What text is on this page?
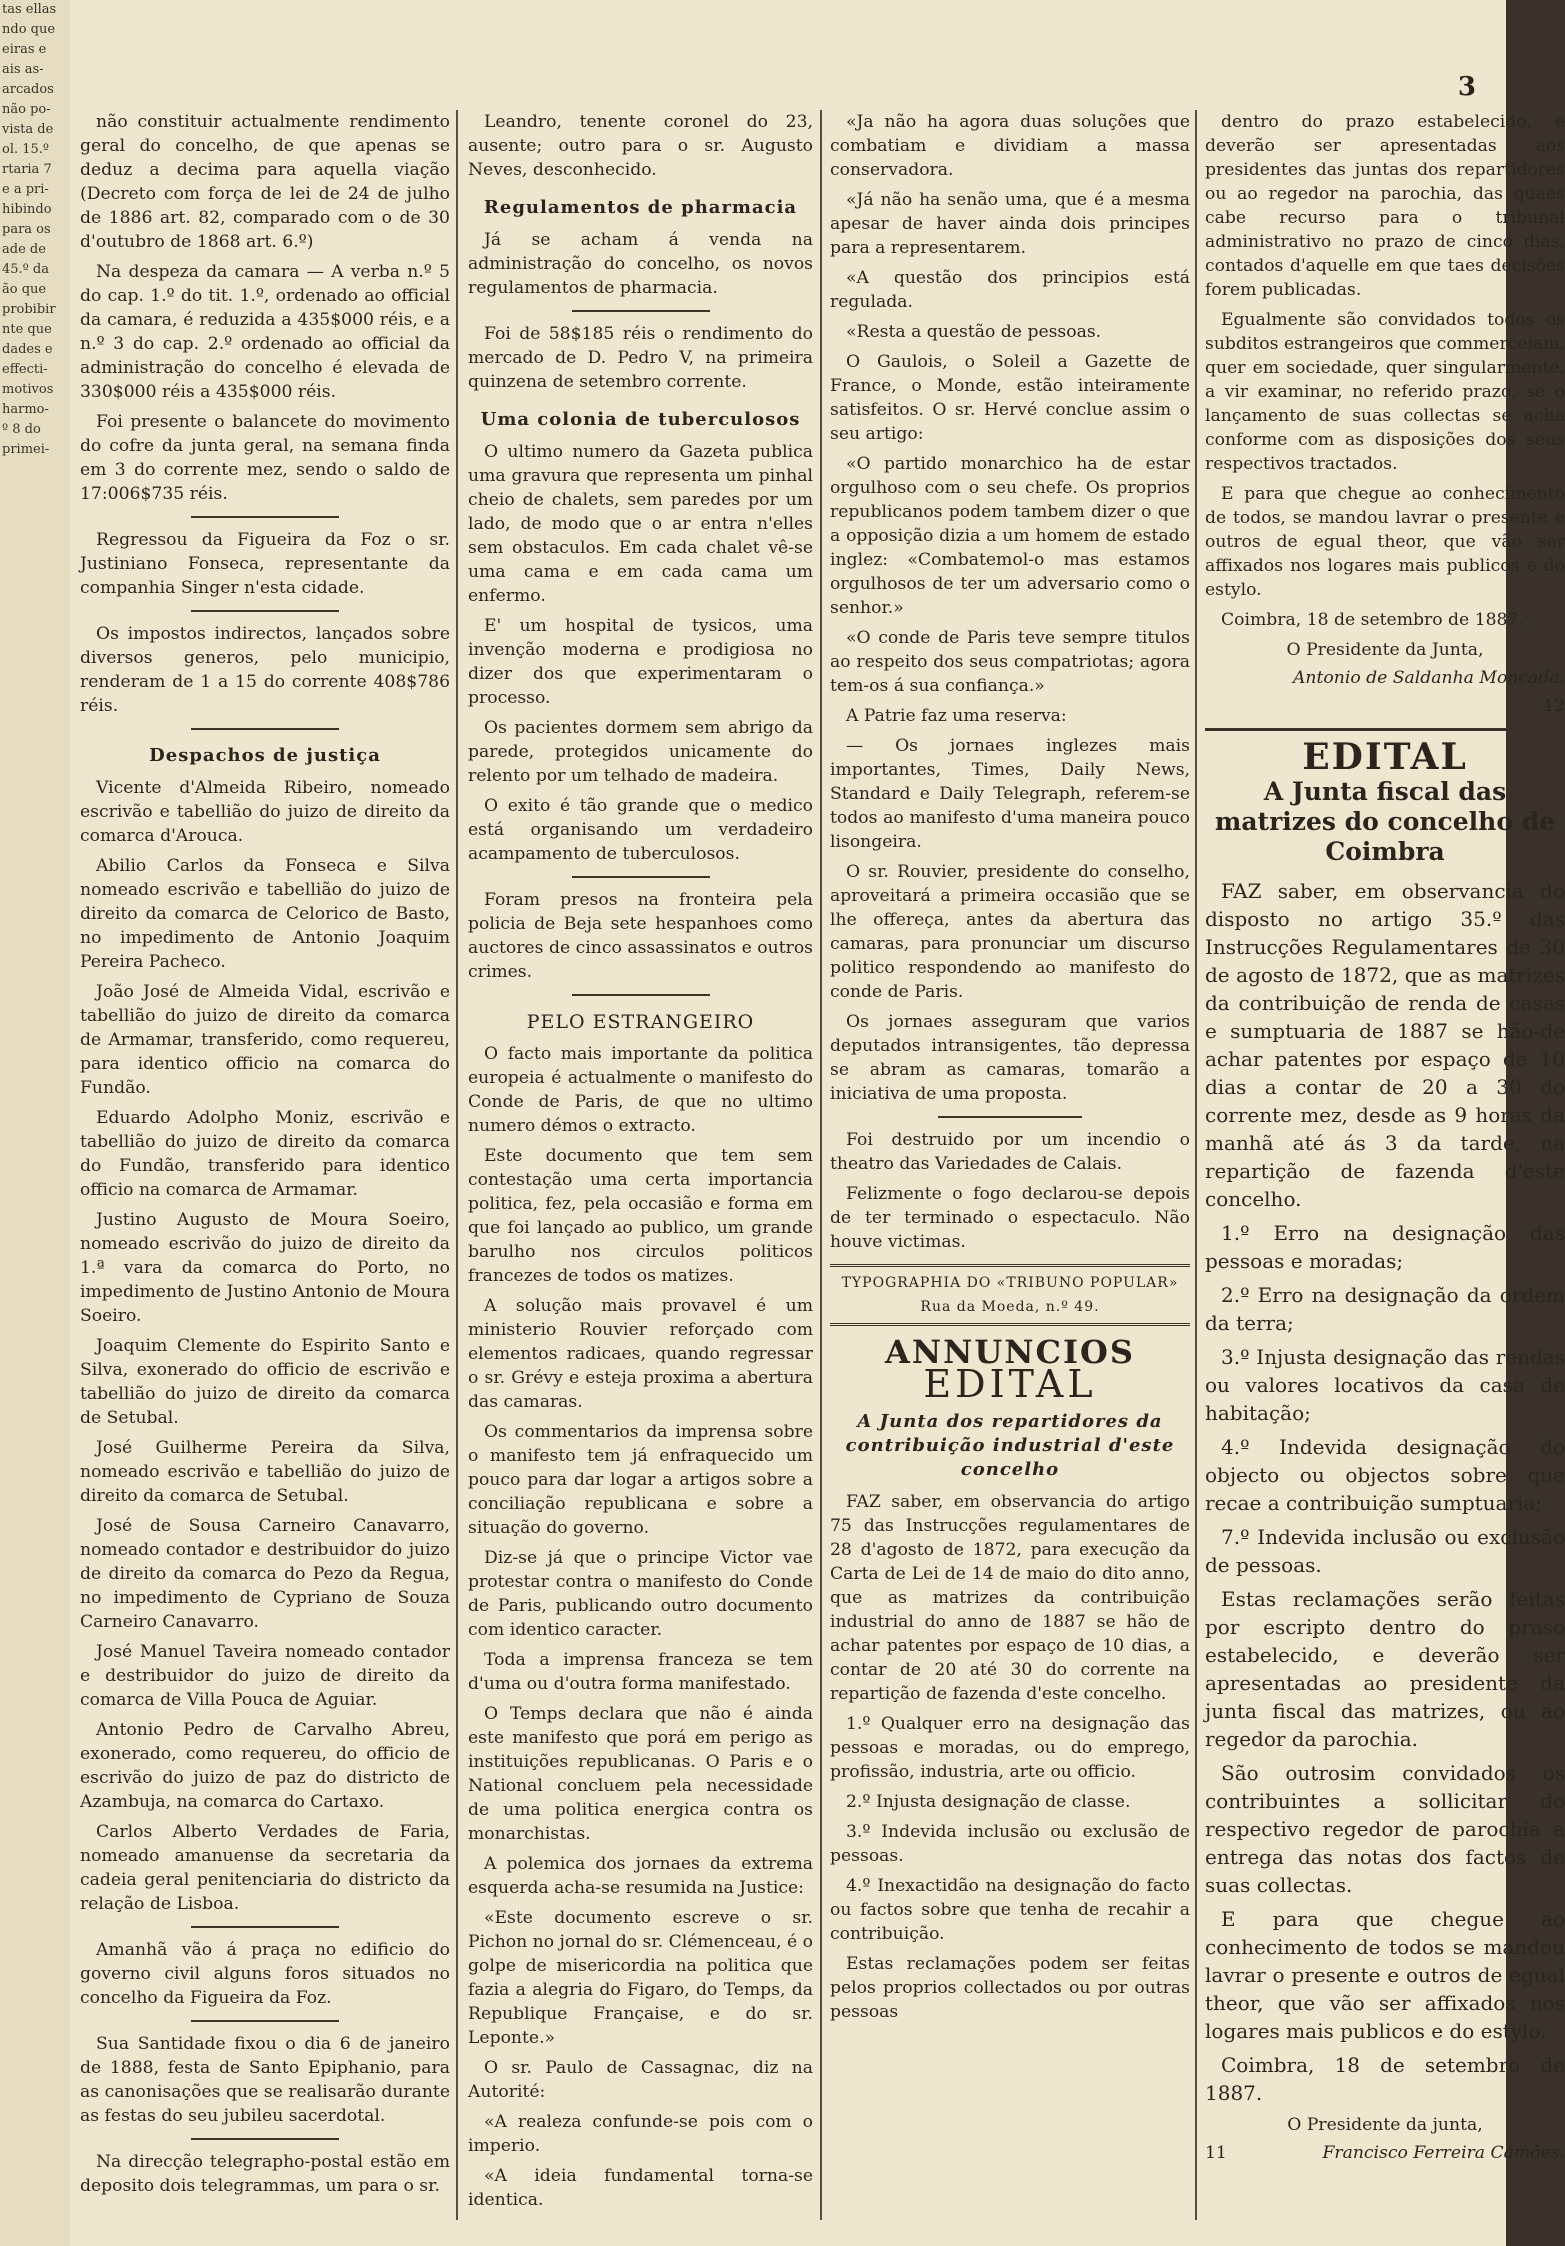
tas ellas
ndo que
eiras e
ais as-
arcados
não po-
vista de
ol. 15.º
rtaria 7
e a pri-
hibindo
para os
ade de
45.º da
ão que
probibir
nte que
dades e
effecti-
motivos
harmo-
º 8 do
primei-
3

não constituir actualmente rendimento geral do concelho, de que apenas se deduz a decima para aquella viação (Decreto com força de lei de 24 de julho de 1886 art. 82, comparado com o de 30 d'outubro de 1868 art. 6.º)

Na despeza da camara — A verba n.º 5 do cap. 1.º do tit. 1.º, ordenado ao official da camara, é reduzida a 435$000 réis, e a n.º 3 do cap. 2.º ordenado ao official da administração do concelho é elevada de 330$000 réis a 435$000 réis.

Foi presente o balancete do movimento do cofre da junta geral, na semana finda em 3 do corrente mez, sendo o saldo de 17:006$735 réis.

Regressou da Figueira da Foz o sr. Justiniano Fonseca, representante da companhia Singer n'esta cidade.

Os impostos indirectos, lançados sobre diversos generos, pelo municipio, renderam de 1 a 15 do corrente 408$786 réis.

Despachos de justiça

Vicente d'Almeida Ribeiro, nomeado escrivão e tabellião do juizo de direito da comarca d'Arouca.

Abilio Carlos da Fonseca e Silva nomeado escrivão e tabellião do juizo de direito da comarca de Celorico de Basto, no impedimento de Antonio Joaquim Pereira Pacheco.

João José de Almeida Vidal, escrivão e tabellião do juizo de direito da comarca de Armamar, transferido, como requereu, para identico officio na comarca do Fundão.

Eduardo Adolpho Moniz, escrivão e tabellião do juizo de direito da comarca do Fundão, transferido para identico officio na comarca de Armamar.

Justino Augusto de Moura Soeiro, nomeado escrivão do juizo de direito da 1.ª vara da comarca do Porto, no impedimento de Justino Antonio de Moura Soeiro.

Joaquim Clemente do Espirito Santo e Silva, exonerado do officio de escrivão e tabellião do juizo de direito da comarca de Setubal.

José Guilherme Pereira da Silva, nomeado escrivão e tabellião do juizo de direito da comarca de Setubal.

José de Sousa Carneiro Canavarro, nomeado contador e destribuidor do juizo de direito da comarca do Pezo da Regua, no impedimento de Cypriano de Souza Carneiro Canavarro.

José Manuel Taveira nomeado contador e destribuidor do juizo de direito da comarca de Villa Pouca de Aguiar.

Antonio Pedro de Carvalho Abreu, exonerado, como requereu, do officio de escrivão do juizo de paz do districto de Azambuja, na comarca do Cartaxo.

Carlos Alberto Verdades de Faria, nomeado amanuense da secretaria da cadeia geral penitenciaria do districto da relação de Lisboa.

Amanhã vão á praça no edificio do governo civil alguns foros situados no concelho da Figueira da Foz.

Sua Santidade fixou o dia 6 de janeiro de 1888, festa de Santo Epiphanio, para as canonisações que se realisarão durante as festas do seu jubileu sacerdotal.

Na direcção telegrapho-postal estão em deposito dois telegrammas, um para o sr.

Leandro, tenente coronel do 23, ausente; outro para o sr. Augusto Neves, desconhecido.

Regulamentos de pharmacia

Já se acham á venda na administração do concelho, os novos regulamentos de pharmacia.

Foi de 58$185 réis o rendimento do mercado de D. Pedro V, na primeira quinzena de setembro corrente.

Uma colonia de tuberculosos

O ultimo numero da Gazeta publica uma gravura que representa um pinhal cheio de chalets, sem paredes por um lado, de modo que o ar entra n'elles sem obstaculos. Em cada chalet vê-se uma cama e em cada cama um enfermo.

E' um hospital de tysicos, uma invenção moderna e prodigiosa no dizer dos que experimentaram o processo.

Os pacientes dormem sem abrigo da parede, protegidos unicamente do relento por um telhado de madeira.

O exito é tão grande que o medico está organisando um verdadeiro acampamento de tuberculosos.

Foram presos na fronteira pela policia de Beja sete hespanhoes como auctores de cinco assassinatos e outros crimes.

PELO ESTRANGEIRO

O facto mais importante da politica europeia é actualmente o manifesto do Conde de Paris, de que no ultimo numero démos o extracto.

Este documento que tem sem contestação uma certa importancia politica, fez, pela occasião e forma em que foi lançado ao publico, um grande barulho nos circulos politicos francezes de todos os matizes.

A solução mais provavel é um ministerio Rouvier reforçado com elementos radicaes, quando regressar o sr. Grévy e esteja proxima a abertura das camaras.

Os commentarios da imprensa sobre o manifesto tem já enfraquecido um pouco para dar logar a artigos sobre a conciliação republicana e sobre a situação do governo.

Diz-se já que o principe Victor vae protestar contra o manifesto do Conde de Paris, publicando outro documento com identico caracter.

Toda a imprensa franceza se tem d'uma ou d'outra forma manifestado.

O Temps declara que não é ainda este manifesto que porá em perigo as instituições republicanas. O Paris e o National concluem pela necessidade de uma politica energica contra os monarchistas.

A polemica dos jornaes da extrema esquerda acha-se resumida na Justice:

«Este documento escreve o sr. Pichon no jornal do sr. Clémenceau, é o golpe de misericordia na politica que fazia a alegria do Figaro, do Temps, da Republique Française, e do sr. Leponte.»

O sr. Paulo de Cassagnac, diz na Autorité:

«A realeza confunde-se pois com o imperio.

«A ideia fundamental torna-se identica.

«Ja não ha agora duas soluções que combatiam e dividiam a massa conservadora.

«Já não ha senão uma, que é a mesma apesar de haver ainda dois principes para a representarem.

«A questão dos principios está regulada.

«Resta a questão de pessoas.

O Gaulois, o Soleil a Gazette de France, o Monde, estão inteiramente satisfeitos. O sr. Hervé conclue assim o seu artigo:

«O partido monarchico ha de estar orgulhoso com o seu chefe. Os proprios republicanos podem tambem dizer o que a opposição dizia a um homem de estado inglez: «Combatemol-o mas estamos orgulhosos de ter um adversario como o senhor.»

«O conde de Paris teve sempre titulos ao respeito dos seus compatriotas; agora tem-os á sua confiança.»

A Patrie faz uma reserva:

— Os jornaes inglezes mais importantes, Times, Daily News, Standard e Daily Telegraph, referem-se todos ao manifesto d'uma maneira pouco lisongeira.

O sr. Rouvier, presidente do conselho, aproveitará a primeira occasião que se lhe offereça, antes da abertura das camaras, para pronunciar um discurso politico respondendo ao manifesto do conde de Paris.

Os jornaes asseguram que varios deputados intransigentes, tão depressa se abram as camaras, tomarão a iniciativa de uma proposta.

Foi destruido por um incendio o theatro das Variedades de Calais.

Felizmente o fogo declarou-se depois de ter terminado o espectaculo. Não houve victimas.

TYPOGRAPHIA DO «TRIBUNO POPULAR» Rua da Moeda, n.º 49.
ANNUNCIOS
EDITAL
A Junta dos repartidores da contribuição industrial d'este concelho

FAZ saber, em observancia do artigo 75 das Instrucções regulamentares de 28 d'agosto de 1872, para execução da Carta de Lei de 14 de maio do dito anno, que as matrizes da contribuição industrial do anno de 1887 se hão de achar patentes por espaço de 10 dias, a contar de 20 até 30 do corrente na repartição de fazenda d'este concelho.

1.º Qualquer erro na designação das pessoas e moradas, ou do emprego, profissão, industria, arte ou officio.

2.º Injusta designação de classe.

3.º Indevida inclusão ou exclusão de pessoas.

4.º Inexactidão na designação do facto ou factos sobre que tenha de recahir a contribuição.

Estas reclamações podem ser feitas pelos proprios collectados ou por outras pessoas

dentro do prazo estabelecido, e deverão ser apresentadas aos presidentes das juntas dos repartidores ou ao regedor na parochia, das quaes cabe recurso para o tribunal administrativo no prazo de cinco dias, contados d'aquelle em que taes decisões forem publicadas.

Egualmente são convidados todos os subditos estrangeiros que commerceiam, quer em sociedade, quer singularmente, a vir examinar, no referido prazo, se o lançamento de suas collectas se acha conforme com as disposições dos seus respectivos tractados.

E para que chegue ao conhecimento de todos, se mandou lavrar o presente e outros de egual theor, que vão ser affixados nos logares mais publicos e do estylo.

Coimbra, 18 de setembro de 1887.

O Presidente da Junta,
Antonio de Saldanha Moncada.
12
EDITAL
A Junta fiscal das matrizes do concelho de Coimbra

FAZ saber, em observancia do disposto no artigo 35.º das Instrucções Regulamentares de 30 de agosto de 1872, que as matrizes da contribuição de renda de casas e sumptuaria de 1887 se hão-de achar patentes por espaço de 10 dias a contar de 20 a 30 do corrente mez, desde as 9 horas da manhã até ás 3 da tarde, na repartição de fazenda d'este concelho.

1.º Erro na designação das pessoas e moradas;

2.º Erro na designação da ordem da terra;

3.º Injusta designação das rendas ou valores locativos da casa de habitação;

4.º Indevida designação do objecto ou objectos sobre que recae a contribuição sumptuaria;

7.º Indevida inclusão ou exclusão de pessoas.

Estas reclamações serão feitas por escripto dentro do praso estabelecido, e deverão ser apresentadas ao presidente da junta fiscal das matrizes, ou ao regedor da parochia.

São outrosim convidados os contribuintes a sollicitar do respectivo regedor de parochia a entrega das notas dos factos de suas collectas.

E para que chegue ao conhecimento de todos se mandou lavrar o presente e outros de egual theor, que vão ser affixados nos logares mais publicos e do estylo.

Coimbra, 18 de setembro de 1887.

O Presidente da junta,
11	Francisco Ferreira Camões.
